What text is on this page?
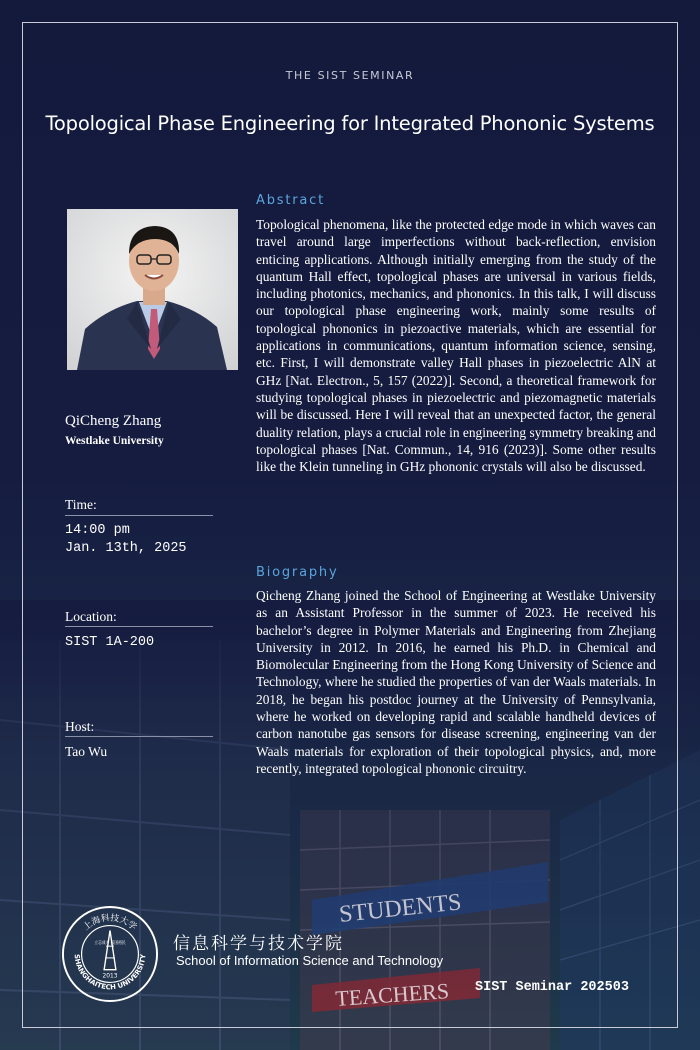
THE SIST SEMINAR
Topological Phase Engineering for Integrated Phononic Systems
QiCheng Zhang
Westlake University
Time:
14:00 pm
Jan. 13th, 2025
Location:
SIST 1A-200
Host:
Tao Wu
Abstract
Topological phenomena, like the protected edge mode in which waves can travel around large imperfections without back-reflection, envision enticing applications. Although initially emerging from the study of the quantum Hall effect, topological phases are universal in various fields, including photonics, mechanics, and phononics. In this talk, I will discuss our topological phase engineering work, mainly some results of topological phononics in piezoactive materials, which are essential for applications in communications, quantum information science, sensing, etc. First, I will demonstrate valley Hall phases in piezoelectric AlN at GHz [Nat. Electron., 5, 157 (2022)]. Second, a theoretical framework for studying topological phases in piezoelectric and piezomagnetic materials will be discussed. Here I will reveal that an unexpected factor, the general duality relation, plays a crucial role in engineering symmetry breaking and topological phases [Nat. Commun., 14, 916 (2023)]. Some other results like the Klein tunneling in GHz phononic crystals will also be discussed.
Biography
Qicheng Zhang joined the School of Engineering at Westlake University as an Assistant Professor in the summer of 2023. He received his bachelor’s degree in Polymer Materials and Engineering from Zhejiang University in 2012. In 2016, he earned his Ph.D. in Chemical and Biomolecular Engineering from the Hong Kong University of Science and Technology, where he studied the properties of van der Waals materials. In 2018, he began his postdoc journey at the University of Pennsylvania, where he worked on developing rapid and scalable handheld devices of carbon nanotube gas sensors for disease screening, engineering van der Waals materials for exploration of their topological physics, and, more recently, integrated topological phononic circuitry.
上海科技大学
SHANGHAITECH UNIVERSITY
立志成才 报国裕民
2013
信息科学与技术学院
School of Information Science and Technology
SIST Seminar 202503
